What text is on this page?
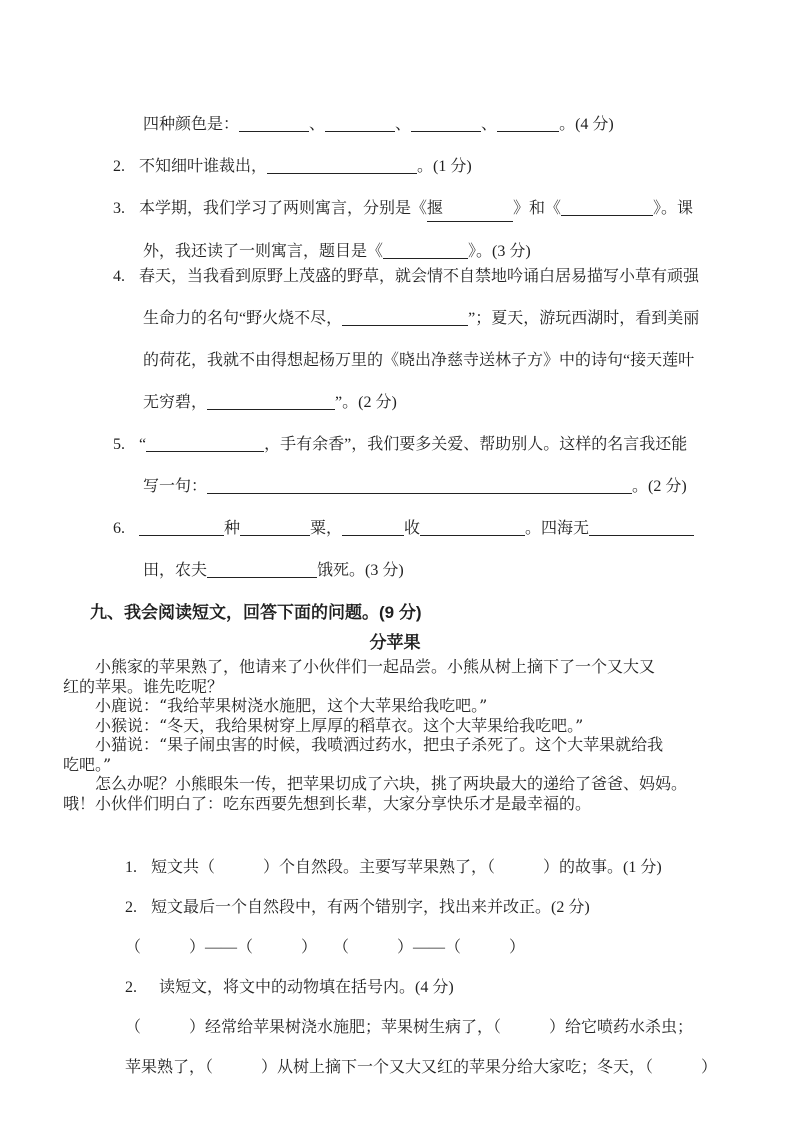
四种颜色是：	、	、	、	。(4 分)
2. 不知细叶谁裁出，	。(1 分)
3. 本学期，我们学习了两则寓言，分别是《揠	》和《	》。课
外，我还读了一则寓言，题目是《	》。(3 分)
4. 春天，当我看到原野上茂盛的野草，就会情不自禁地吟诵白居易描写小草有顽强
生命力的名句“野火烧不尽，	”；夏天，游玩西湖时，看到美丽
的荷花，我就不由得想起杨万里的《晓出净慈寺送林子方》中的诗句“接天莲叶
无穷碧，	”。(2 分)
5. “	，手有余香”，我们要多关爱、帮助别人。这样的名言我还能
写一句：	。(2 分)
6.	种	粟，	收	。四海无
田，农夫	饿死。(3 分)
九、我会阅读短文，回答下面的问题。(9 分)
分苹果
小熊家的苹果熟了，他请来了小伙伴们一起品尝。小熊从树上摘下了一个又大又
红的苹果。谁先吃呢？
小鹿说：“我给苹果树浇水施肥，这个大苹果给我吃吧。”
小猴说：“冬天，我给果树穿上厚厚的稻草衣。这个大苹果给我吃吧。”
小猫说：“果子闹虫害的时候，我喷洒过药水，把虫子杀死了。这个大苹果就给我
吃吧。”
怎么办呢？小熊眼朱一传，把苹果切成了六块，挑了两块最大的递给了爸爸、妈妈。
哦！小伙伴们明白了：吃东西要先想到长辈，大家分享快乐才是最幸福的。
1. 短文共（　　　）个自然段。主要写苹果熟了，（　　　）的故事。(1 分)
2. 短文最后一个自然段中，有两个错别字，找出来并改正。(2 分)
（　　　）——（　　　）　　（　　　）——（　　　）
2. 读短文，将文中的动物填在括号内。(4 分)
（　　　）经常给苹果树浇水施肥；苹果树生病了，（　　　）给它喷药水杀虫；
苹果熟了，（　　　）从树上摘下一个又大又红的苹果分给大家吃；冬天，（　　　）
